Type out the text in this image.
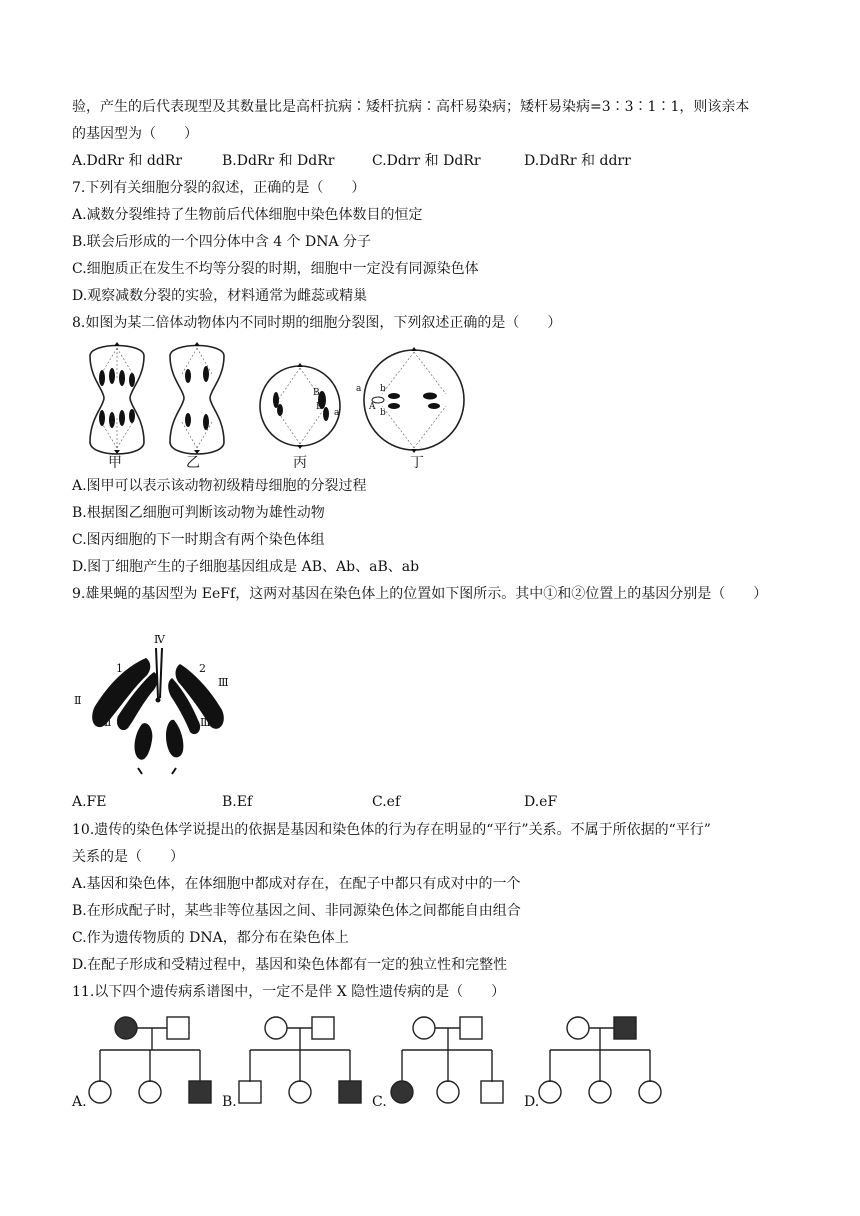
验，产生的后代表现型及其数量比是高杆抗病∶矮杆抗病∶高杆易染病；矮杆易染病=3∶3∶1∶1，则该亲本
的基因型为（　　）
A.DdRr 和 ddRr	B.DdRr 和 DdRr	C.Ddrr 和 DdRr	D.DdRr 和 ddrr
7.下列有关细胞分裂的叙述，正确的是（　　）
A.减数分裂维持了生物前后代体细胞中染色体数目的恒定
B.联会后形成的一个四分体中含 4 个 DNA 分子
C.细胞质正在发生不均等分裂的时期，细胞中一定没有同源染色体
D.观察减数分裂的实验，材料通常为雌蕊或精巢
8.如图为某二倍体动物体内不同时期的细胞分裂图，下列叙述正确的是（　　）
B
B	A
a b
a	b
甲	乙	丙	丁
A.图甲可以表示该动物初级精母细胞的分裂过程
B.根据图乙细胞可判断该动物为雄性动物
C.图丙细胞的下一时期含有两个染色体组
D.图丁细胞产生的子细胞基因组成是 AB、Ab、aB、ab
9.雄果蝇的基因型为 EeFf，这两对基因在染色体上的位置如下图所示。其中①和②位置上的基因分别是（　　）
Ⅳ
1	2
Ⅱ
Ⅲ
Ⅱ	Ⅲ
A.FE	B.Ef	C.ef	D.eF
10.遗传的染色体学说提出的依据是基因和染色体的行为存在明显的“平行”关系。不属于所依据的“平行”
关系的是（　　）
A.基因和染色体，在体细胞中都成对存在，在配子中都只有成对中的一个
B.在形成配子时，某些非等位基因之间、非同源染色体之间都能自由组合
C.作为遗传物质的 DNA，都分布在染色体上
D.在配子形成和受精过程中，基因和染色体都有一定的独立性和完整性
11.以下四个遗传病系谱图中，一定不是伴 X 隐性遗传病的是（　　）
A.	B.	C.	D.
